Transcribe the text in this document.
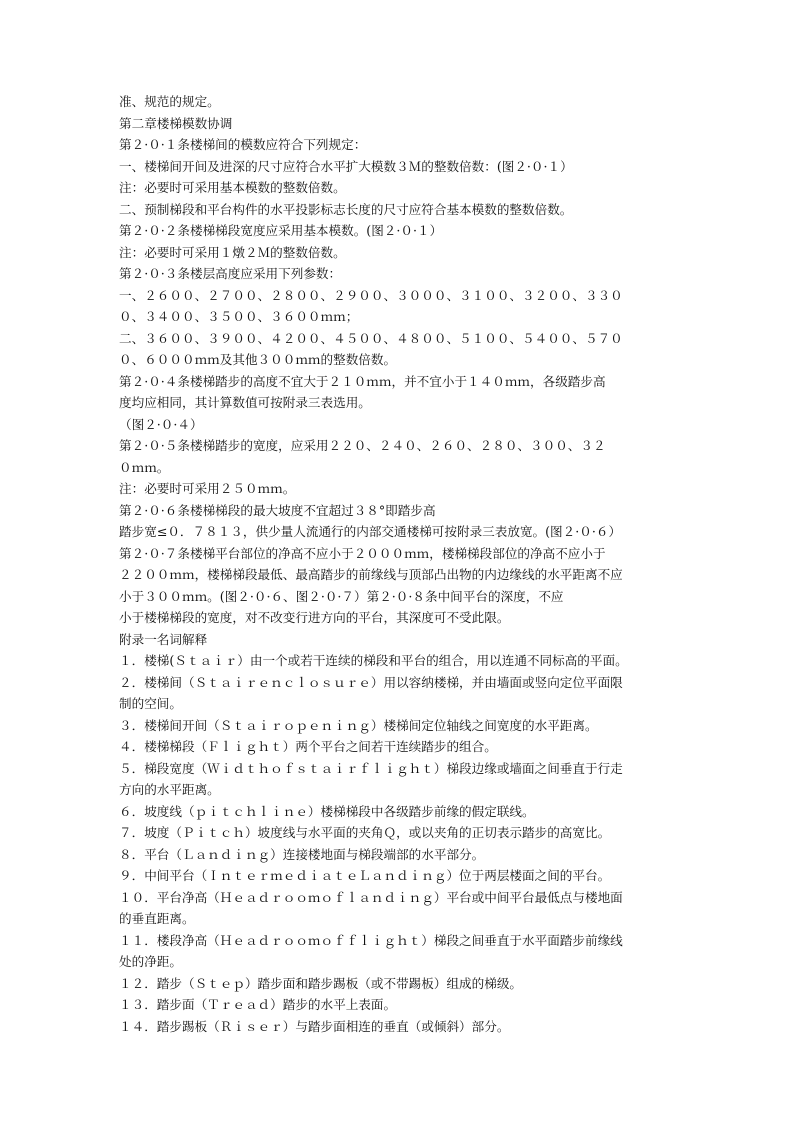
准、规范的规定。
第二章楼梯模数协调
第２·０·１条楼梯间的模数应符合下列规定：
一、楼梯间开间及进深的尺寸应符合水平扩大模数３Ｍ的整数倍数：(图２·０·１）
注：必要时可采用基本模数的整数倍数。
二、预制梯段和平台构件的水平投影标志长度的尺寸应符合基本模数的整数倍数。
第２·０·２条楼梯梯段宽度应采用基本模数。(图２·０·１）
注：必要时可采用１燉２Ｍ的整数倍数。
第２·０·３条楼层高度应采用下列参数：
一、２６００、２７００、２８００、２９００、３０００、３１００、３２００、３３０
０、３４００、３５００、３６００ｍｍ；
二、３６００、３９００、４２００、４５００、４８００、５１００、５４００、５７０
０、６０００ｍｍ及其他３００ｍｍ的整数倍数。
第２·０·４条楼梯踏步的高度不宜大于２１０ｍｍ，并不宜小于１４０ｍｍ，各级踏步高
度均应相同，其计算数值可按附录三表选用。
（图２·０·４）
第２·０·５条楼梯踏步的宽度，应采用２２０、２４０、２６０、２８０、３００、３２
０ｍｍ。
注：必要时可采用２５０ｍｍ。
第２·０·６条楼梯梯段的最大坡度不宜超过３８°即踏步高
踏步宽≤０．７８１３，供少量人流通行的内部交通楼梯可按附录三表放宽。(图２·０·６）
第２·０·７条楼梯平台部位的净高不应小于２０００ｍｍ，楼梯梯段部位的净高不应小于
２２００ｍｍ，楼梯梯段最低、最高踏步的前缘线与顶部凸出物的内边缘线的水平距离不应
小于３００ｍｍ。(图２·０·６、图２·０·７）第２·０·８条中间平台的深度，不应
小于楼梯梯段的宽度，对不改变行进方向的平台，其深度可不受此限。
附录一名词解释
１．楼梯(Ｓｔａｉｒ）由一个或若干连续的梯段和平台的组合，用以连通不同标高的平面。
２．楼梯间（Ｓｔａｉｒｅｎｃｌｏｓｕｒｅ）用以容纳楼梯，并由墙面或竖向定位平面限
制的空间。
３．楼梯间开间（Ｓｔａｉｒｏｐｅｎｉｎｇ）楼梯间定位轴线之间宽度的水平距离。
４．楼梯梯段（Ｆｌｉｇｈｔ）两个平台之间若干连续踏步的组合。
５．梯段宽度（Ｗｉｄｔｈｏｆｓｔａｉｒｆｌｉｇｈｔ）梯段边缘或墙面之间垂直于行走
方向的水平距离。
６．坡度线（ｐｉｔｃｈｌｉｎｅ）楼梯梯段中各级踏步前缘的假定联线。
７．坡度（Ｐｉｔｃｈ）坡度线与水平面的夹角Ｑ，或以夹角的正切表示踏步的高宽比。
８．平台（Ｌａｎｄｉｎｇ）连接楼地面与梯段端部的水平部分。
９．中间平台（ＩｎｔｅｒｍｅｄｉａｔｅＬａｎｄｉｎｇ）位于两层楼面之间的平台。
１０．平台净高（Ｈｅａｄｒｏｏｍｏｆｌａｎｄｉｎｇ）平台或中间平台最低点与楼地面
的垂直距离。
１１．楼段净高（Ｈｅａｄｒｏｏｍｏｆｆｌｉｇｈｔ）梯段之间垂直于水平面踏步前缘线
处的净距。
１２．踏步（Ｓｔｅｐ）踏步面和踏步踢板（或不带踢板）组成的梯级。
１３．踏步面（Ｔｒｅａｄ）踏步的水平上表面。
１４．踏步踢板（Ｒｉｓｅｒ）与踏步面相连的垂直（或倾斜）部分。
